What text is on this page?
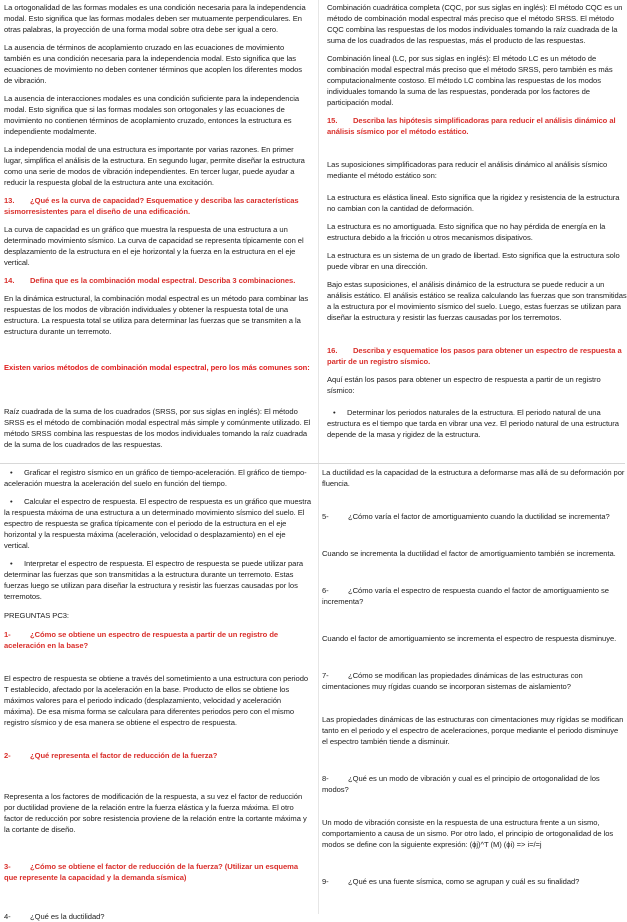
La ortogonalidad de las formas modales es una condición necesaria para la independencia modal. Esto significa que las formas modales deben ser mutuamente perpendiculares. En otras palabras, la proyección de una forma modal sobre otra debe ser igual a cero.

La ausencia de términos de acoplamiento cruzado en las ecuaciones de movimiento también es una condición necesaria para la independencia modal. Esto significa que las ecuaciones de movimiento no deben contener términos que acoplen los diferentes modos de vibración.

La ausencia de interacciones modales es una condición suficiente para la independencia modal. Esto significa que si las formas modales son ortogonales y las ecuaciones de movimiento no contienen términos de acoplamiento cruzado, entonces la estructura es independiente modalmente.

La independencia modal de una estructura es importante por varias razones. En primer lugar, simplifica el análisis de la estructura. En segundo lugar, permite diseñar la estructura como una serie de modos de vibración independientes. En tercer lugar, puede ayudar a reducir la respuesta global de la estructura ante una excitación.

13. ¿Qué es la curva de capacidad? Esquematice y describa las características sismorresistentes para el diseño de una edificación.

La curva de capacidad es un gráfico que muestra la respuesta de una estructura a un determinado movimiento sísmico. La curva de capacidad se representa típicamente con el desplazamiento de la estructura en el eje horizontal y la fuerza en la estructura en el eje vertical.

14. Defina que es la combinación modal espectral. Describa 3 combinaciones.

En la dinámica estructural, la combinación modal espectral es un método para combinar las respuestas de los modos de vibración individuales y obtener la respuesta total de una estructura. La respuesta total se utiliza para determinar las fuerzas que se transmiten a la estructura durante un terremoto.

Existen varios métodos de combinación modal espectral, pero los más comunes son:

Raíz cuadrada de la suma de los cuadrados (SRSS, por sus siglas en inglés): El método SRSS es el método de combinación modal espectral más simple y comúnmente utilizado. El método SRSS combina las respuestas de los modos individuales tomando la raíz cuadrada de la suma de los cuadrados de las respuestas.

Combinación cuadrática completa (CQC, por sus siglas en inglés): El método CQC es un método de combinación modal espectral más preciso que el método SRSS. El método CQC combina las respuestas de los modos individuales tomando la raíz cuadrada de la suma de los cuadrados de las respuestas, más el producto de las respuestas.

Combinación lineal (LC, por sus siglas en inglés): El método LC es un método de combinación modal espectral más preciso que el método SRSS, pero también es más computacionalmente costoso. El método LC combina las respuestas de los modos individuales tomando la suma de las respuestas, ponderada por los factores de participación modal.

15. Describa las hipótesis simplificadoras para reducir el análisis dinámico al análisis sísmico por el método estático.

Las suposiciones simplificadoras para reducir el análisis dinámico al análisis sísmico mediante el método estático son:

La estructura es elástica lineal. Esto significa que la rigidez y resistencia de la estructura no cambian con la cantidad de deformación.

La estructura es no amortiguada. Esto significa que no hay pérdida de energía en la estructura debido a la fricción u otros mecanismos disipativos.

La estructura es un sistema de un grado de libertad. Esto significa que la estructura solo puede vibrar en una dirección.

Bajo estas suposiciones, el análisis dinámico de la estructura se puede reducir a un análisis estático. El análisis estático se realiza calculando las fuerzas que son transmitidas a la estructura por el movimiento sísmico del suelo. Luego, estas fuerzas se utilizan para diseñar la estructura y resistir las fuerzas causadas por los terremotos.

16. Describa y esquematice los pasos para obtener un espectro de respuesta a partir de un registro sísmico.

Aquí están los pasos para obtener un espectro de respuesta a partir de un registro sísmico:

• Determinar los periodos naturales de la estructura. El periodo natural de una estructura es el tiempo que tarda en vibrar una vez. El periodo natural de una estructura depende de la masa y rigidez de la estructura.

• Graficar el registro sísmico en un gráfico de tiempo-aceleración. El gráfico de tiempo-aceleración muestra la aceleración del suelo en función del tiempo.

• Calcular el espectro de respuesta. El espectro de respuesta es un gráfico que muestra la respuesta máxima de una estructura a un determinado movimiento sísmico del suelo. El espectro de respuesta se grafica típicamente con el periodo de la estructura en el eje horizontal y la respuesta máxima (aceleración, velocidad o desplazamiento) en el eje vertical.

• Interpretar el espectro de respuesta. El espectro de respuesta se puede utilizar para determinar las fuerzas que son transmitidas a la estructura durante un terremoto. Estas fuerzas luego se utilizan para diseñar la estructura y resistir las fuerzas causadas por los terremotos.

PREGUNTAS PC3:

1-	¿Cómo se obtiene un espectro de respuesta a partir de un registro de aceleración en la base?

El espectro de respuesta se obtiene a través del sometimiento a una estructura con periodo T establecido, afectado por la aceleración en la base. Producto de ellos se obtiene los máximos valores para el periodo indicado (desplazamiento, velocidad y aceleración máxima). De esa misma forma se calculara para diferentes periodos pero con el mismo registro sísmico y de esa manera se obtiene el espectro de respuesta.

2-	¿Qué representa el factor de reducción de la fuerza?

Representa a los factores de modificación de la respuesta, a su vez el factor de reducción por ductilidad proviene de la relación entre la fuerza elástica y la fuerza máxima. El otro factor de reducción por sobre resistencia proviene de la relación entre la cortante máxima y la cortante de diseño.

3-	¿Cómo se obtiene el factor de reducción de la fuerza? (Utilizar un esquema que represente la capacidad y la demanda sísmica)

4-	¿Qué es la ductilidad?

La ductilidad es la capacidad de la estructura a deformarse mas allá de su deformación por fluencia.

5-	¿Cómo varía el factor de amortiguamiento cuando la ductilidad se incrementa?

Cuando se incrementa la ductilidad el factor de amortiguamiento también se incrementa.

6-	¿Cómo varía el espectro de respuesta cuando el factor de amortiguamiento se incrementa?

Cuando el factor de amortiguamiento se incrementa el espectro de respuesta disminuye.

7-	¿Cómo se modifican las propiedades dinámicas de las estructuras con cimentaciones muy rígidas cuando se incorporan sistemas de aislamiento?

Las propiedades dinámicas de las estructuras con cimentaciones muy rígidas se modifican tanto en el periodo y el espectro de aceleraciones, porque mediante el periodo disminuye el espectro también tiende a disminuir.

8-	¿Qué es un modo de vibración y cual es el principio de ortogonalidad de los modos?

Un modo de vibración consiste en la respuesta de una estructura frente a un sismo, comportamiento a causa de un sismo. Por otro lado, el principio de ortogonalidad de los modos se define con la siguiente expresión: (ϕj)^T (M) (ϕi) => i=/=j

9-	¿Qué es una fuente sísmica, como se agrupan y cuál es su finalidad?
